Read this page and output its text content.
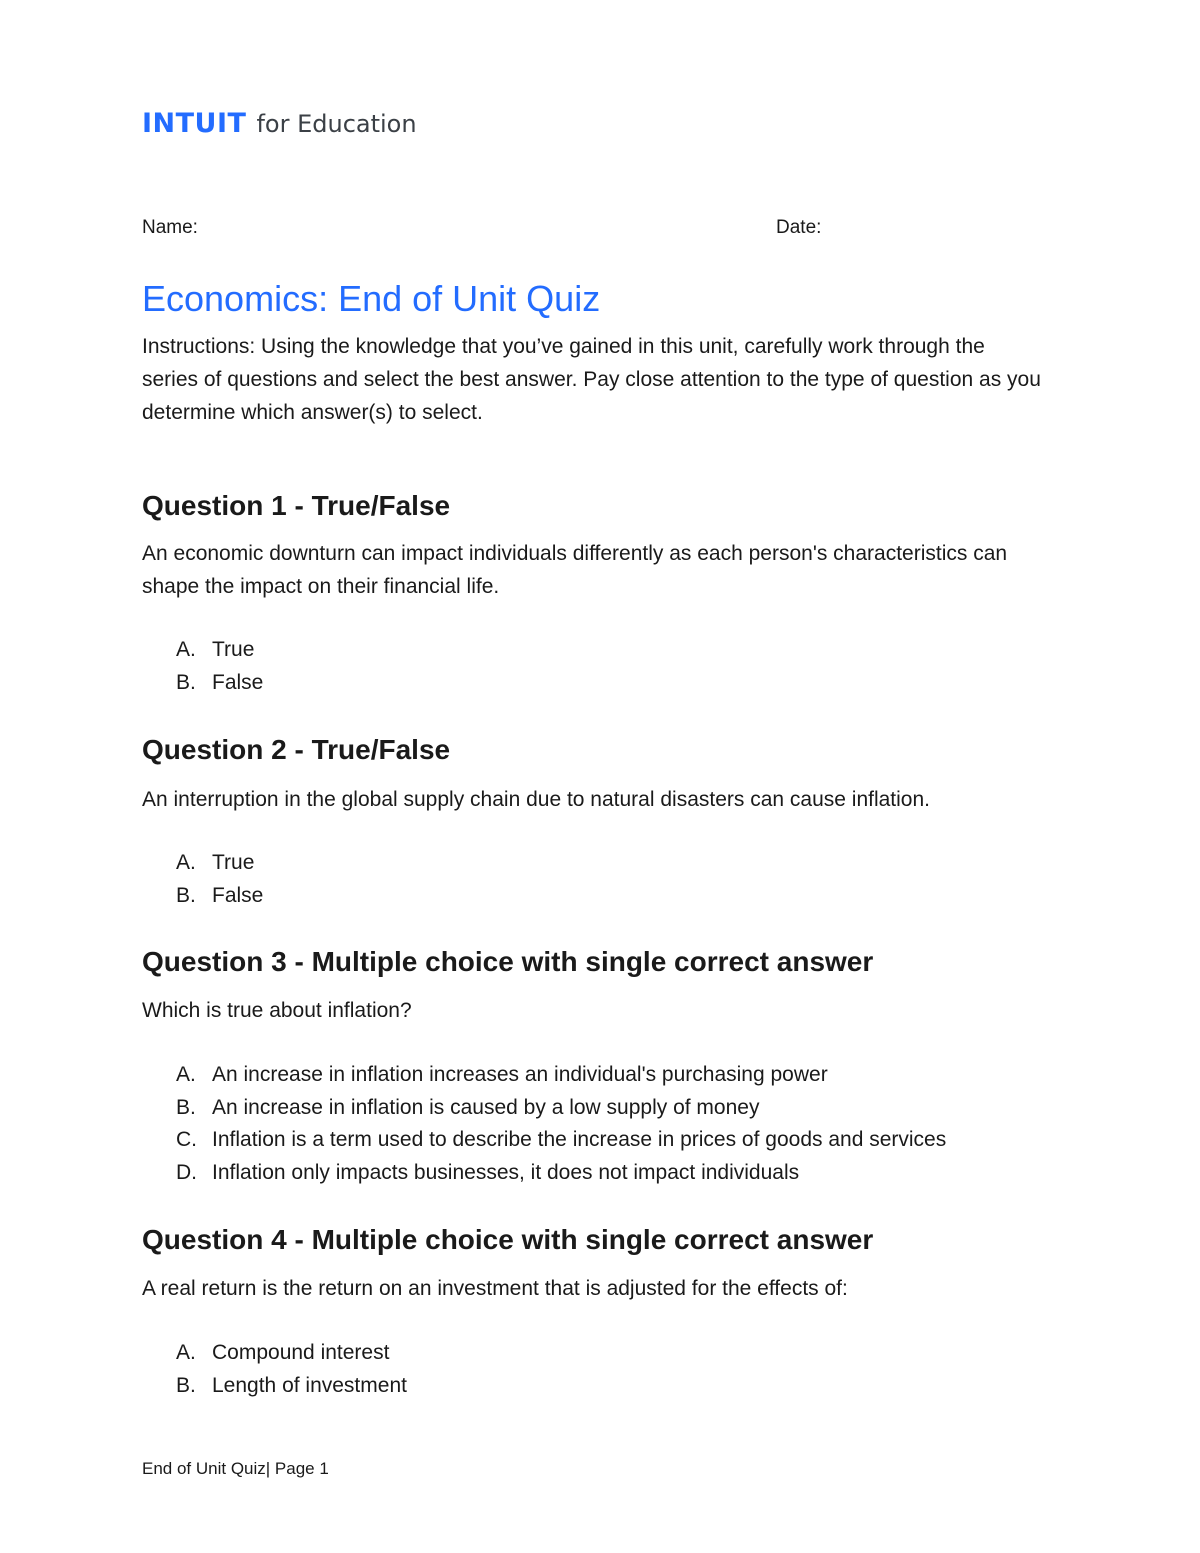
INTUIT for Education
Name:	Date:
Economics: End of Unit Quiz

Instructions: Using the knowledge that you’ve gained in this unit, carefully work through the series of questions and select the best answer. Pay close attention to the type of question as you determine which answer(s) to select.

Question 1 - True/False

An economic downturn can impact individuals differently as each person's characteristics can shape the impact on their financial life.

A. True
B. False
Question 2 - True/False

An interruption in the global supply chain due to natural disasters can cause inflation.

A. True
B. False
Question 3 - Multiple choice with single correct answer

Which is true about inflation?

A. An increase in inflation increases an individual's purchasing power
B. An increase in inflation is caused by a low supply of money
C. Inflation is a term used to describe the increase in prices of goods and services
D. Inflation only impacts businesses, it does not impact individuals
Question 4 - Multiple choice with single correct answer

A real return is the return on an investment that is adjusted for the effects of:

A. Compound interest
B. Length of investment
End of Unit Quiz| Page 1
